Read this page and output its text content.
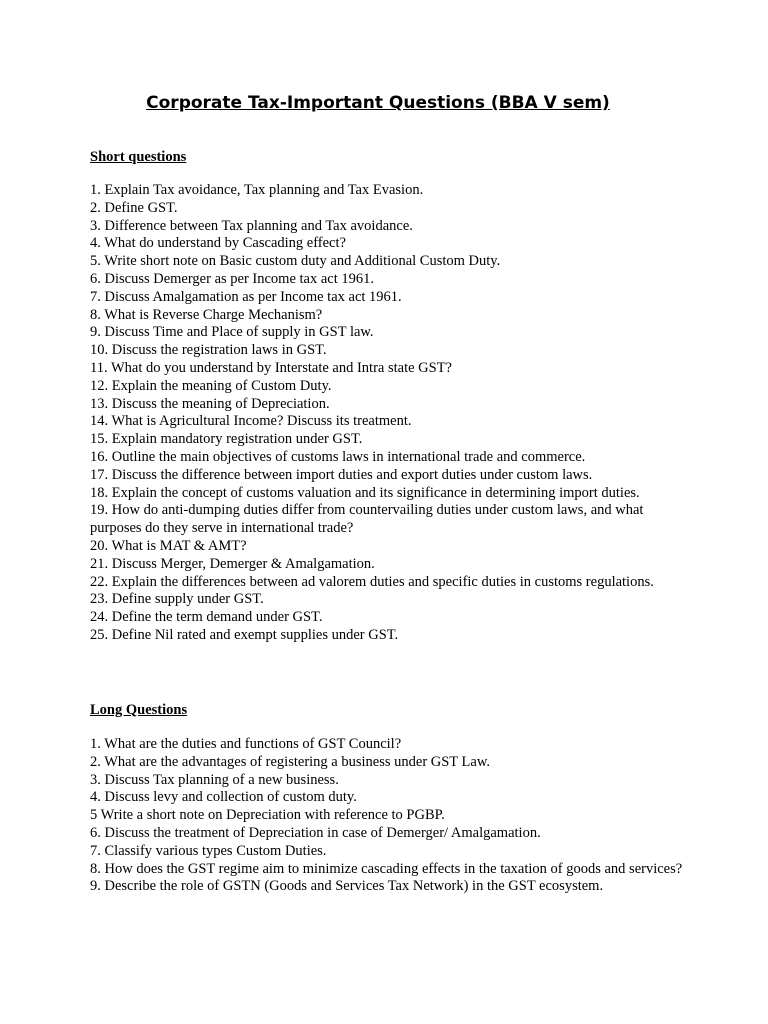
Corporate Tax-Important Questions (BBA V sem)
Short questions
1. Explain Tax avoidance, Tax planning and Tax Evasion.
2. Define GST.
3. Difference between Tax planning and Tax avoidance.
4. What do understand by Cascading effect?
5. Write short note on Basic custom duty and Additional Custom Duty.
6. Discuss Demerger as per Income tax act 1961.
7. Discuss Amalgamation as per Income tax act 1961.
8. What is Reverse Charge Mechanism?
9. Discuss Time and Place of supply in GST law.
10. Discuss the registration laws in GST.
11. What do you understand by Interstate and Intra state GST?
12. Explain the meaning of Custom Duty.
13. Discuss the meaning of Depreciation.
14. What is Agricultural Income? Discuss its treatment.
15. Explain mandatory registration under GST.
16. Outline the main objectives of customs laws in international trade and commerce.
17. Discuss the difference between import duties and export duties under custom laws.
18. Explain the concept of customs valuation and its significance in determining import duties.
19. How do anti-dumping duties differ from countervailing duties under custom laws, and what purposes do they serve in international trade?
20. What is MAT & AMT?
21. Discuss Merger, Demerger & Amalgamation.
22. Explain the differences between ad valorem duties and specific duties in customs regulations.
23. Define supply under GST.
24. Define the term demand under GST.
25. Define Nil rated and exempt supplies under GST.
Long Questions
1. What are the duties and functions of GST Council?
2. What are the advantages of registering a business under GST Law.
3. Discuss Tax planning of a new business.
4. Discuss levy and collection of custom duty.
5 Write a short note on Depreciation with reference to PGBP.
6. Discuss the treatment of Depreciation in case of Demerger/ Amalgamation.
7. Classify various types Custom Duties.
8. How does the GST regime aim to minimize cascading effects in the taxation of goods and services?
9. Describe the role of GSTN (Goods and Services Tax Network) in the GST ecosystem.
